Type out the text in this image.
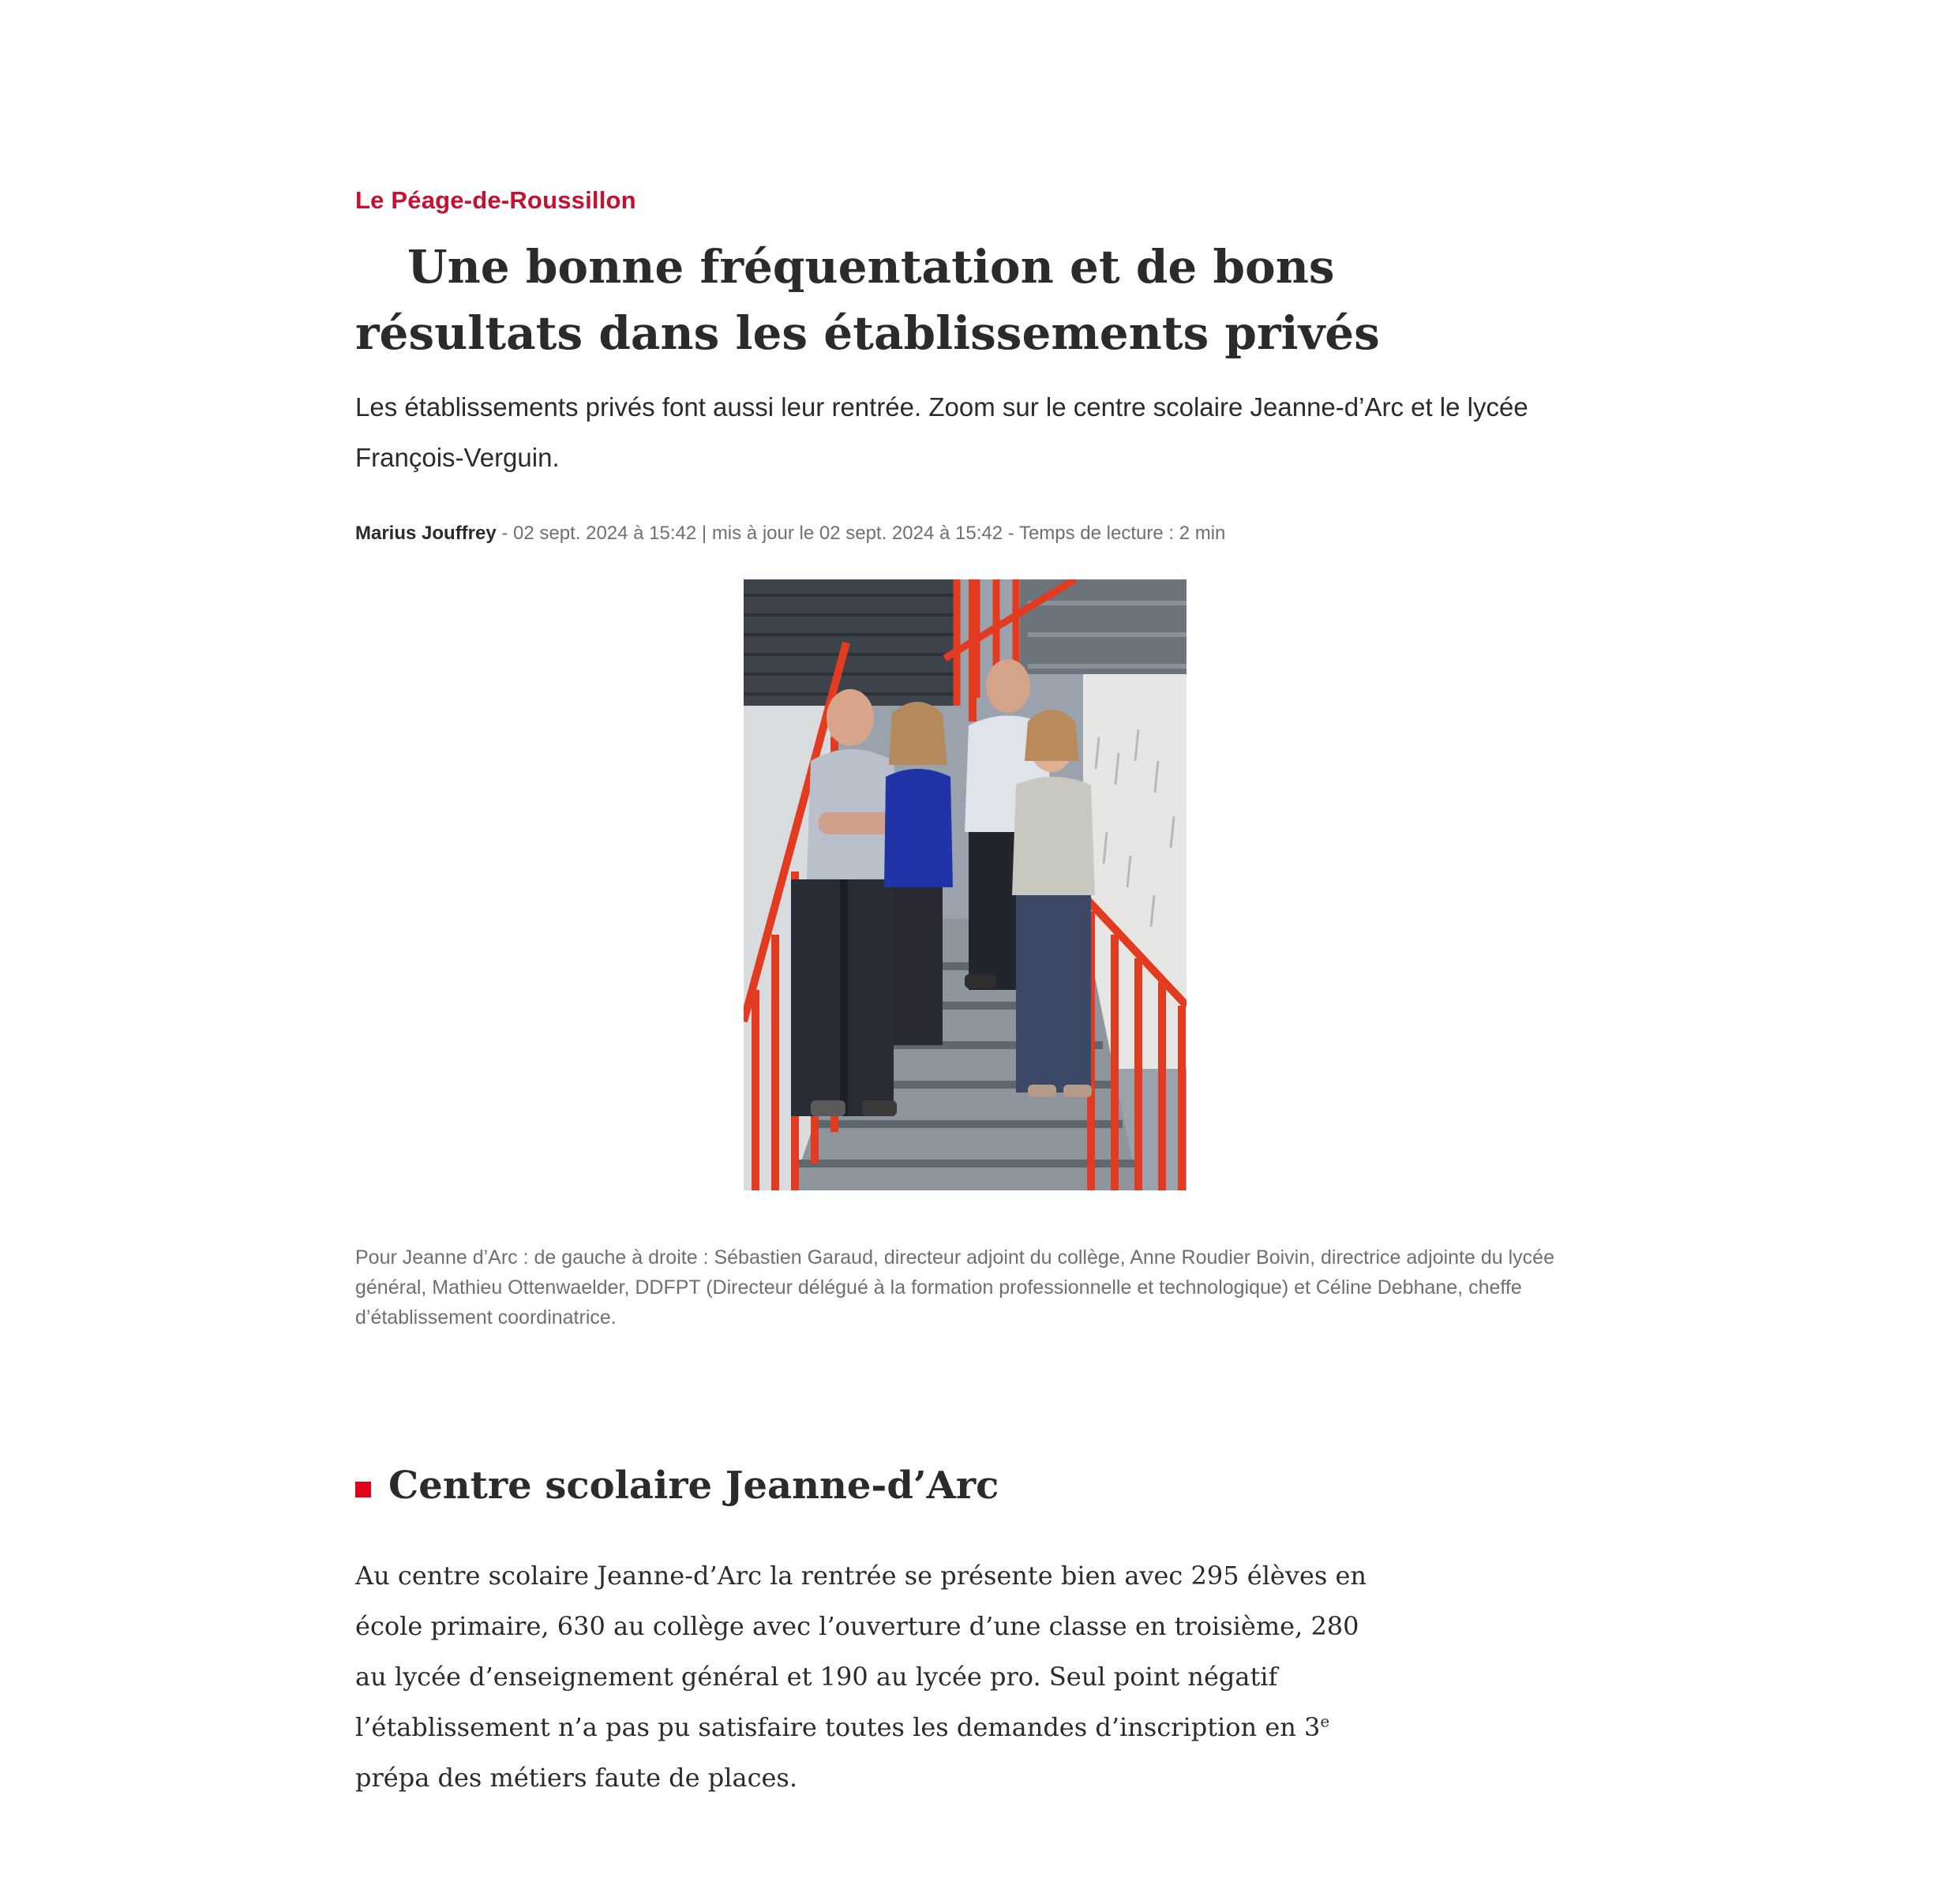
Le Péage-de-Roussillon
Une bonne fréquentation et de bons résultats dans les établissements privés

Les établissements privés font aussi leur rentrée. Zoom sur le centre scolaire Jeanne-d’Arc et le lycée François-Verguin.

Marius Jouffrey - 02 sept. 2024 à 15:42 | mis à jour le 02 sept. 2024 à 15:42 - Temps de lecture : 2 min

Pour Jeanne d’Arc : de gauche à droite : Sébastien Garaud, directeur adjoint du collège, Anne Roudier Boivin, directrice adjointe du lycée général, Mathieu Ottenwaelder, DDFPT (Directeur délégué à la formation professionnelle et technologique) et Céline Debhane, cheffe d’établissement coordinatrice.

Centre scolaire Jeanne-d’Arc

Au centre scolaire Jeanne-d’Arc la rentrée se présente bien avec 295 élèves en école primaire, 630 au collège avec l’ouverture d’une classe en troisième, 280 au lycée d’enseignement général et 190 au lycée pro. Seul point négatif l’établissement n’a pas pu satisfaire toutes les demandes d’inscription en 3e prépa des métiers faute de places.
